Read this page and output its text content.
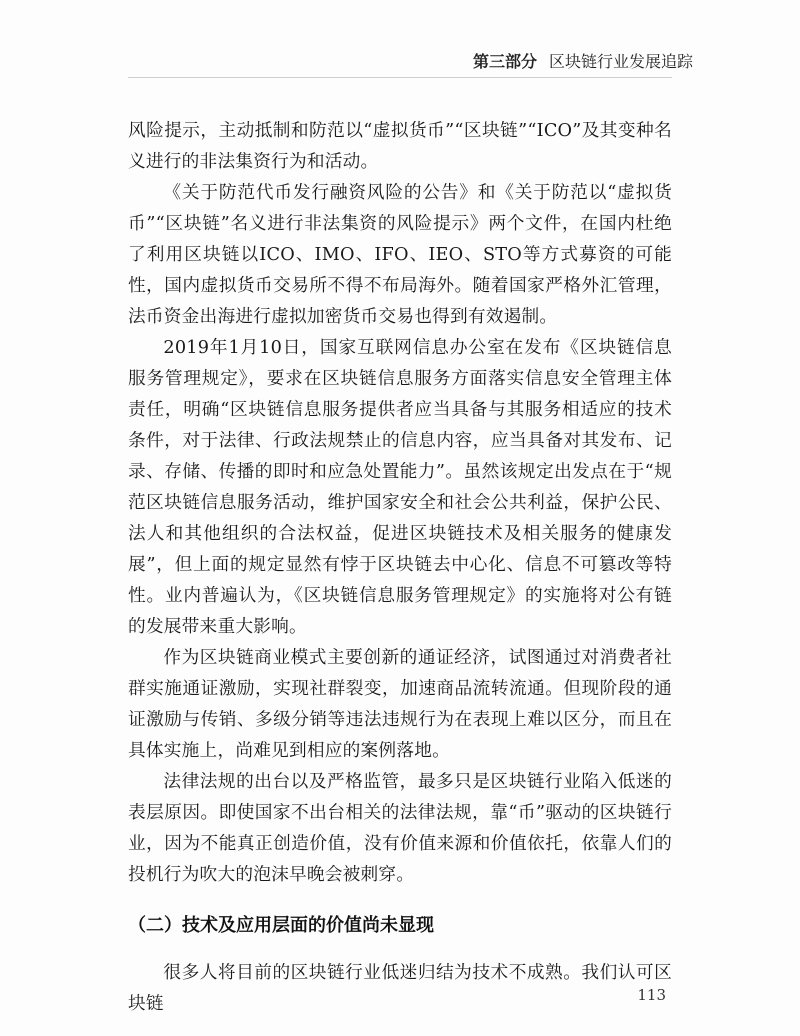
第三部分 区块链行业发展追踪

风险提示，主动抵制和防范以“虚拟货币”“区块链”“ICO”及其变种名义进行的非法集资行为和活动。

《关于防范代币发行融资风险的公告》和《关于防范以“虚拟货币”“区块链”名义进行非法集资的风险提示》两个文件，在国内杜绝了利用区块链以ICO、IMO、IFO、IEO、STO等方式募资的可能性，国内虚拟货币交易所不得不布局海外。随着国家严格外汇管理，法币资金出海进行虚拟加密货币交易也得到有效遏制。

2019年1月10日，国家互联网信息办公室在发布《区块链信息服务管理规定》，要求在区块链信息服务方面落实信息安全管理主体责任，明确“区块链信息服务提供者应当具备与其服务相适应的技术条件，对于法律、行政法规禁止的信息内容，应当具备对其发布、记录、存储、传播的即时和应急处置能力”。虽然该规定出发点在于“规范区块链信息服务活动，维护国家安全和社会公共利益，保护公民、法人和其他组织的合法权益，促进区块链技术及相关服务的健康发展”，但上面的规定显然有悖于区块链去中心化、信息不可篡改等特性。业内普遍认为，《区块链信息服务管理规定》的实施将对公有链的发展带来重大影响。

作为区块链商业模式主要创新的通证经济，试图通过对消费者社群实施通证激励，实现社群裂变，加速商品流转流通。但现阶段的通证激励与传销、多级分销等违法违规行为在表现上难以区分，而且在具体实施上，尚难见到相应的案例落地。

法律法规的出台以及严格监管，最多只是区块链行业陷入低迷的表层原因。即使国家不出台相关的法律法规，靠“币”驱动的区块链行业，因为不能真正创造价值，没有价值来源和价值依托，依靠人们的投机行为吹大的泡沫早晚会被刺穿。

（二）技术及应用层面的价值尚未显现

很多人将目前的区块链行业低迷归结为技术不成熟。我们认可区块链	113
